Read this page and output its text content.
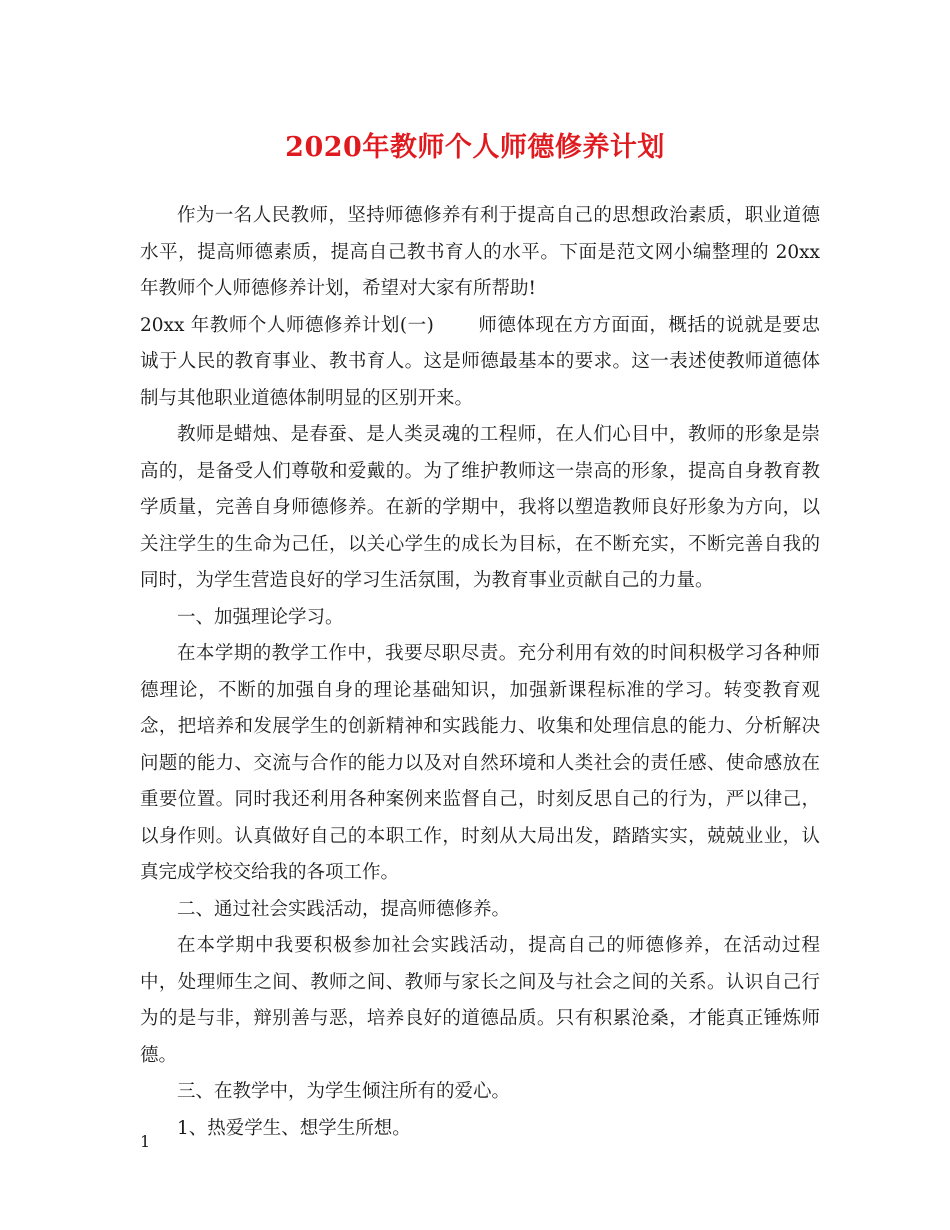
2020年教师个人师德修养计划

作为一名人民教师，坚持师德修养有利于提高自己的思想政治素质，职业道德水平，提高师德素质，提高自己教书育人的水平。下面是范文网小编整理的 20xx 年教师个人师德修养计划，希望对大家有所帮助!

20xx 年教师个人师德修养计划(一) 师德体现在方方面面，概括的说就是要忠诚于人民的教育事业、教书育人。这是师德最基本的要求。这一表述使教师道德体制与其他职业道德体制明显的区别开来。

教师是蜡烛、是春蚕、是人类灵魂的工程师，在人们心目中，教师的形象是崇高的，是备受人们尊敬和爱戴的。为了维护教师这一崇高的形象，提高自身教育教学质量，完善自身师德修养。在新的学期中，我将以塑造教师良好形象为方向，以关注学生的生命为己任，以关心学生的成长为目标，在不断充实，不断完善自我的同时，为学生营造良好的学习生活氛围，为教育事业贡献自己的力量。

一、加强理论学习。

在本学期的教学工作中，我要尽职尽责。充分利用有效的时间积极学习各种师德理论，不断的加强自身的理论基础知识，加强新课程标准的学习。转变教育观念，把培养和发展学生的创新精神和实践能力、收集和处理信息的能力、分析解决问题的能力、交流与合作的能力以及对自然环境和人类社会的责任感、使命感放在重要位置。同时我还利用各种案例来监督自己，时刻反思自己的行为，严以律己，以身作则。认真做好自己的本职工作，时刻从大局出发，踏踏实实，兢兢业业，认真完成学校交给我的各项工作。

二、通过社会实践活动，提高师德修养。

在本学期中我要积极参加社会实践活动，提高自己的师德修养，在活动过程中，处理师生之间、教师之间、教师与家长之间及与社会之间的关系。认识自己行为的是与非，辩别善与恶，培养良好的道德品质。只有积累沧桑，才能真正锤炼师德。

三、在教学中，为学生倾注所有的爱心。

1、热爱学生、想学生所想。

1
